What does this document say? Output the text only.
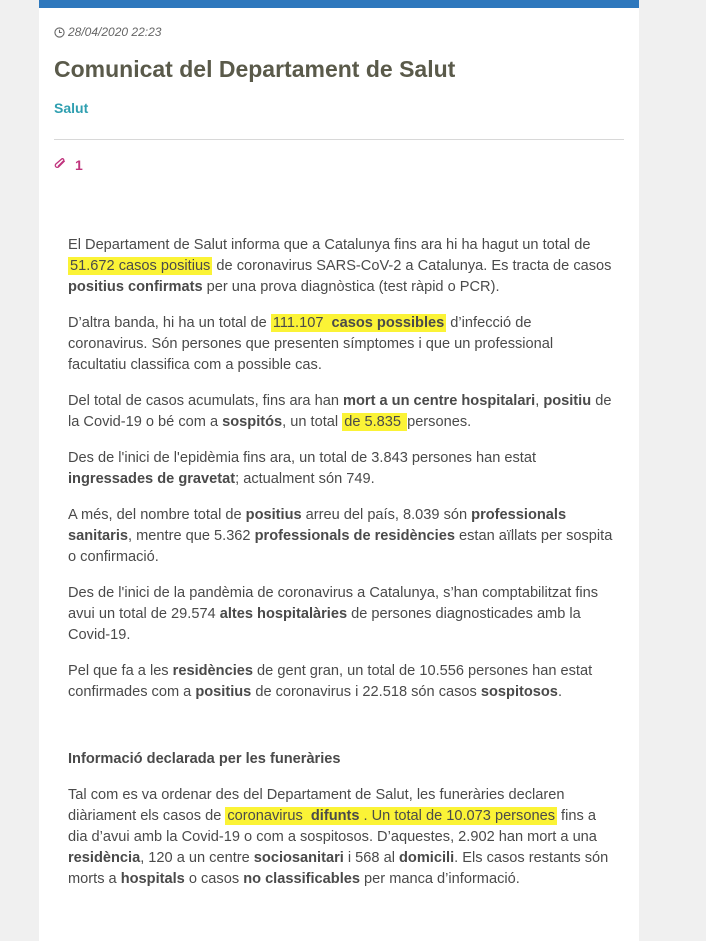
28/04/2020 22:23
Comunicat del Departament de Salut
Salut
1

El Departament de Salut informa que a Catalunya fins ara hi ha hagut un total de 51.672 casos positius de coronavirus SARS-CoV-2 a Catalunya. Es tracta de casos positius confirmats per una prova diagnòstica (test ràpid o PCR).

D’altra banda, hi ha un total de 111.107 casos possibles d’infecció de coronavirus. Són persones que presenten símptomes i que un professional facultatiu classifica com a possible cas.

Del total de casos acumulats, fins ara han mort a un centre hospitalari, positiu de la Covid-19 o bé com a sospitós, un total de 5.835 persones.

Des de l'inici de l'epidèmia fins ara, un total de 3.843 persones han estat ingressades de gravetat; actualment són 749.

A més, del nombre total de positius arreu del país, 8.039 són professionals sanitaris, mentre que 5.362 professionals de residències estan aïllats per sospita o confirmació.

Des de l'inici de la pandèmia de coronavirus a Catalunya, s’han comptabilitzat fins avui un total de 29.574 altes hospitalàries de persones diagnosticades amb la Covid-19.

Pel que fa a les residències de gent gran, un total de 10.556 persones han estat confirmades com a positius de coronavirus i 22.518 són casos sospitosos.

Informació declarada per les funeràries

Tal com es va ordenar des del Departament de Salut, les funeràries declaren diàriament els casos de coronavirus difunts . Un total de 10.073 persones fins a dia d’avui amb la Covid-19 o com a sospitosos. D’aquestes, 2.902 han mort a una residència, 120 a un centre sociosanitari i 568 al domicili. Els casos restants són morts a hospitals o casos no classificables per manca d’informació.
